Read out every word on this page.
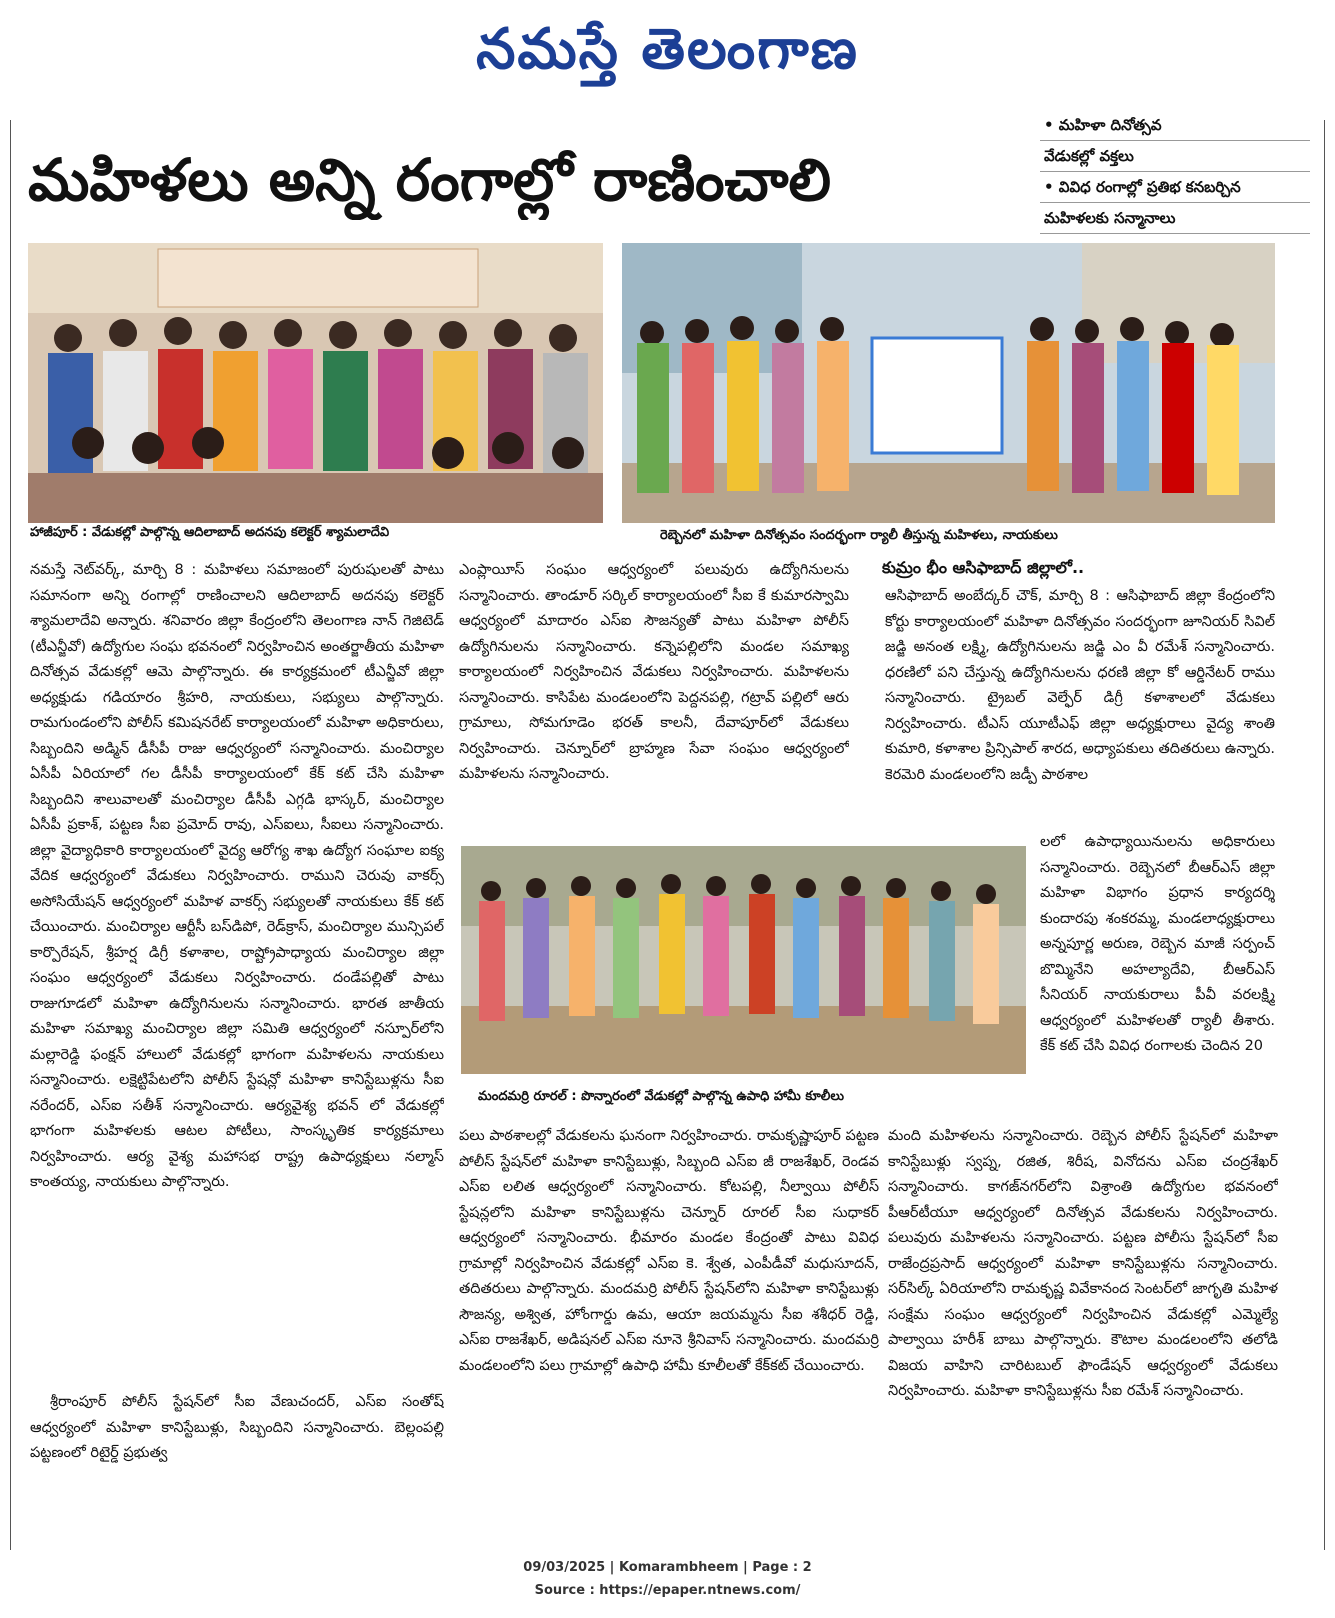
నమస్తే తెలంగాణ
మహిళలు అన్ని రంగాల్లో రాణించాలి
• మహిళా దినోత్సవ
వేడుకల్లో వక్తలు
• వివిధ రంగాల్లో ప్రతిభ కనబర్చిన
మహిళలకు సన్మానాలు
హాజీపూర్ : వేడుకల్లో పాల్గొన్న ఆదిలాబాద్ అదనపు కలెక్టర్ శ్యామలాదేవి	రెబ్బెనలో మహిళా దినోత్సవం సందర్భంగా ర్యాలీ తీస్తున్న మహిళలు, నాయకులు
మందమర్రి రూరల్ : పొన్నారంలో వేడుకల్లో పాల్గొన్న ఉపాధి హామీ కూలీలు
నమస్తే నెట్‌వర్క్, మార్చి 8 : మహిళలు సమాజంలో పురుషులతో పాటు సమానంగా అన్ని రంగాల్లో రాణించాలని ఆదిలాబాద్ అదనపు కలెక్టర్ శ్యామలాదేవి అన్నారు. శనివారం జిల్లా కేంద్రంలోని తెలంగాణ నాన్ గెజిటెడ్ (టీఎన్జీవో) ఉద్యోగుల సంఘ భవనంలో నిర్వహించిన అంతర్జాతీయ మహిళా దినోత్సవ వేడుకల్లో ఆమె పాల్గొన్నారు. ఈ కార్యక్రమంలో టీఎన్జీవో జిల్లా అధ్యక్షుడు గడియారం శ్రీహరి, నాయకులు, సభ్యులు పాల్గొన్నారు. రామగుండంలోని పోలీస్ కమిషనరేట్ కార్యాలయంలో మహిళా అధికారులు, సిబ్బందిని అడ్మిన్ డీసీపీ రాజు ఆధ్వర్యంలో సన్మానించారు. మంచిర్యాల ఏసీపీ ఏరియాలో గల డీసీపీ కార్యాలయంలో కేక్ కట్ చేసి మహిళా సిబ్బందిని శాలువాలతో మంచిర్యాల డీసీపీ ఎగ్గడి భాస్కర్, మంచిర్యాల ఏసీపీ ప్రకాశ్, పట్టణ సీఐ ప్రమోద్ రావు, ఎస్ఐలు, సీఐలు సన్మానించారు. జిల్లా వైద్యాధికారి కార్యాలయంలో వైద్య ఆరోగ్య శాఖ ఉద్యోగ సంఘాల ఐక్య వేదిక ఆధ్వర్యంలో వేడుకలు నిర్వహించారు. రాముని చెరువు వాకర్స్ అసోసియేషన్ ఆధ్వర్యంలో మహిళ వాకర్స్ సభ్యులతో నాయకులు కేక్ కట్ చేయించారు. మంచిర్యాల ఆర్టీసీ బస్‌డిపో, రెడ్‌క్రాస్, మంచిర్యాల మున్సిపల్ కార్పొరేషన్, శ్రీహర్ష డిగ్రీ కళాశాల, రాష్ట్రోపాధ్యాయ మంచిర్యాల జిల్లా సంఘం ఆధ్వర్యంలో వేడుకలు నిర్వహించారు. దండేపల్లితో పాటు రాజుగూడలో మహిళా ఉద్యోగినులను సన్మానించారు. భారత జాతీయ మహిళా సమాఖ్య మంచిర్యాల జిల్లా సమితి ఆధ్వర్యంలో నస్పూర్‌లోని మల్లారెడ్డి ఫంక్షన్ హాలులో వేడుకల్లో భాగంగా మహిళలను నాయకులు సన్మానించారు. లక్షెట్టిపేటలోని పోలీస్ స్టేషన్లో మహిళా కానిస్టేబుళ్లను సీఐ నరేందర్, ఎస్ఐ సతీశ్ సన్మానించారు. ఆర్యవైశ్య భవన్ లో వేడుకల్లో భాగంగా మహిళలకు ఆటల పోటీలు, సాంస్కృతిక కార్యక్రమాలు నిర్వహించారు. ఆర్య వైశ్య మహాసభ రాష్ట్ర ఉపాధ్యక్షులు నల్మాస్ కాంతయ్య, నాయకులు పాల్గొన్నారు.
శ్రీరాంపూర్ పోలీస్ స్టేషన్‌లో సీఐ వేణుచందర్, ఎస్ఐ సంతోష్ ఆధ్వర్యంలో మహిళా కానిస్టేబుళ్లు, సిబ్బందిని సన్మానించారు. బెల్లంపల్లి పట్టణంలో రిటైర్డ్ ప్రభుత్వ
ఎంప్లాయీస్ సంఘం ఆధ్వర్యంలో పలువురు ఉద్యోగినులను సన్మానించారు. తాండూర్ సర్కిల్ కార్యాలయంలో సీఐ కే కుమారస్వామి ఆధ్వర్యంలో మాదారం ఎస్ఐ సౌజన్యతో పాటు మహిళా పోలీస్ ఉద్యోగినులను సన్మానించారు. కన్నెపల్లిలోని మండల సమాఖ్య కార్యాలయంలో నిర్వహించిన వేడుకలు నిర్వహించారు. మహిళలను సన్మానించారు. కాసిపేట మండలంలోని పెద్దనపల్లి, గట్రావ్ పల్లిలో ఆరు గ్రామాలు, సోమగూడెం భరత్ కాలనీ, దేవాపూర్‌లో వేడుకలు నిర్వహించారు. చెన్నూర్‌లో బ్రాహ్మణ సేవా సంఘం ఆధ్వర్యంలో మహిళలను సన్మానించారు.
పలు పాఠశాలల్లో వేడుకలను ఘనంగా నిర్వహించారు. రామకృష్ణాపూర్ పట్టణ పోలీస్ స్టేషన్‌లో మహిళా కానిస్టేబుళ్లు, సిబ్బంది ఎస్ఐ జీ రాజశేఖర్, రెండవ ఎస్ఐ లలిత ఆధ్వర్యంలో సన్మానించారు. కోటపల్లి, నీల్వాయి పోలీస్ స్టేషన్లలోని మహిళా కానిస్టేబుళ్లను చెన్నూర్ రూరల్ సీఐ సుధాకర్ ఆధ్వర్యంలో సన్మానించారు. భీమారం మండల కేంద్రంతో పాటు వివిధ గ్రామాల్లో నిర్వహించిన వేడుకల్లో ఎస్ఐ కె. శ్వేత, ఎంపీడీవో మధుసూదన్, తదితరులు పాల్గొన్నారు. మందమర్రి పోలీస్ స్టేషన్‌లోని మహిళా కానిస్టేబుళ్లు సౌజన్య, అశ్విత, హోంగార్డు ఉమ, ఆయా జయమ్మను సీఐ శశీధర్ రెడ్డి, ఎస్ఐ రాజశేఖర్, అడిషనల్ ఎస్ఐ నూనె శ్రీనివాస్ సన్మానించారు. మందమర్రి మండలంలోని పలు గ్రామాల్లో ఉపాధి హామీ కూలీలతో కేక్‌కట్ చేయించారు.
కుమ్రం భీం ఆసిఫాబాద్ జిల్లాలో..
ఆసిఫాబాద్ అంబేద్కర్ చౌక్, మార్చి 8 : ఆసిఫాబాద్ జిల్లా కేంద్రంలోని కోర్టు కార్యాలయంలో మహిళా దినోత్సవం సందర్భంగా జూనియర్ సివిల్ జడ్జి అనంత లక్ష్మి, ఉద్యోగినులను జడ్జి ఎం వీ రమేశ్ సన్మానించారు. ధరణిలో పని చేస్తున్న ఉద్యోగినులను ధరణి జిల్లా కో ఆర్డినేటర్ రాము సన్మానించారు. ట్రైబల్ వెల్ఫేర్ డిగ్రీ కళాశాలలో వేడుకలు నిర్వహించారు. టీఎస్ యూటీఎఫ్ జిల్లా అధ్యక్షురాలు వైద్య శాంతి కుమారి, కళాశాల ప్రిన్సిపాల్ శారద, అధ్యాపకులు తదితరులు ఉన్నారు. కెరమెరి మండలంలోని జడ్పీ పాఠశాల
లలో ఉపాధ్యాయినులను అధికారులు సన్మానించారు. రెబ్బెనలో బీఆర్ఎస్ జిల్లా మహిళా విభాగం ప్రధాన కార్యదర్శి కుందారపు శంకరమ్మ, మండలాధ్యక్షురాలు అన్నపూర్ణ అరుణ, రెబ్బెన మాజీ సర్పంచ్ బొమ్మినేని అహల్యాదేవి, బీఆర్ఎస్ సీనియర్ నాయకురాలు పీవీ వరలక్ష్మి ఆధ్వర్యంలో మహిళలతో ర్యాలీ తీశారు. కేక్ కట్ చేసి వివిధ రంగాలకు చెందిన 20
మంది మహిళలను సన్మానించారు. రెబ్బెన పోలీస్ స్టేషన్‌లో మహిళా కానిస్టేబుళ్లు స్వప్న, రజిత, శిరీష, వినోదను ఎస్ఐ చంద్రశేఖర్ సన్మానించారు. కాగజ్‌నగర్‌లోని విశ్రాంతి ఉద్యోగుల భవనంలో పీఆర్‌టీయూ ఆధ్వర్యంలో దినోత్సవ వేడుకలను నిర్వహించారు. పలువురు మహిళలను సన్మానించారు. పట్టణ పోలీసు స్టేషన్‌లో సీఐ రాజేంద్రప్రసాద్ ఆధ్వర్యంలో మహిళా కానిస్టేబుళ్లను సన్మానించారు. సర్‌సిల్క్ ఏరియాలోని రామకృష్ణ వివేకానంద సెంటర్‌లో జాగృతి మహిళ సంక్షేమ సంఘం ఆధ్వర్యంలో నిర్వహించిన వేడుకల్లో ఎమ్మెల్యే పాల్వాయి హరీశ్ బాబు పాల్గొన్నారు. కౌటాల మండలంలోని తలోడి విజయ వాహిని చారిటబుల్ ఫౌండేషన్ ఆధ్వర్యంలో వేడుకలు నిర్వహించారు. మహిళా కానిస్టేబుళ్లను సీఐ రమేశ్ సన్మానించారు.
09/03/2025 | Komarambheem | Page : 2
Source : https://epaper.ntnews.com/
